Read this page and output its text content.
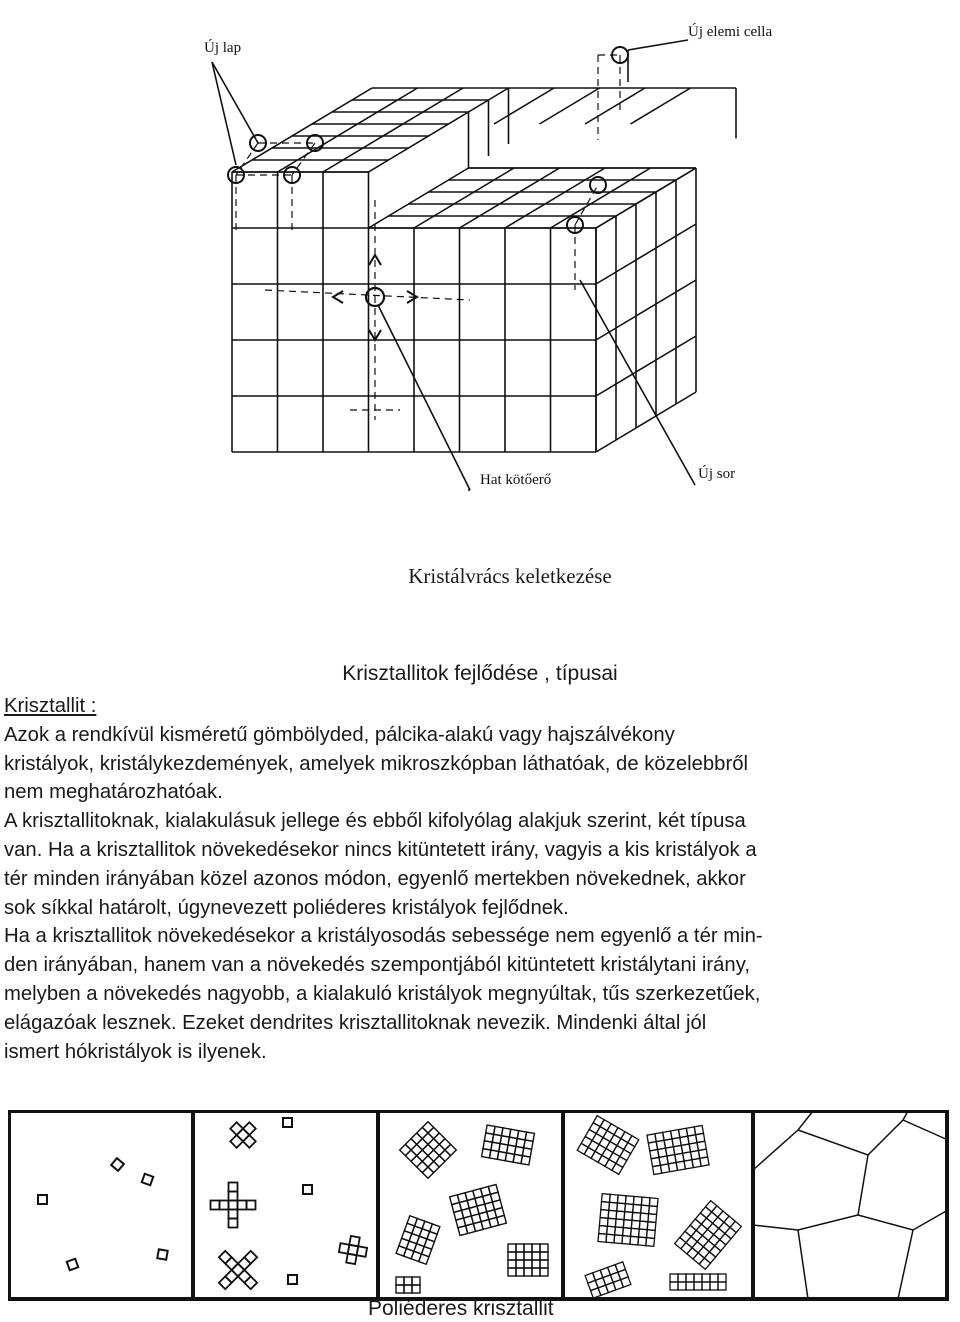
Új lap
Új elemi cella
Hat kötőerő	Új sor
Kristálvrács keletkezése
Krisztallitok fejlődése , típusai
Krisztallit :
Azok a rendkívül kisméretű gömbölyded, pálcika-alakú vagy hajszálvékony
kristályok, kristálykezdemények, amelyek mikroszkópban láthatóak, de közelebbről
nem meghatározhatóak.
A krisztallitoknak, kialakulásuk jellege és ebből kifolyólag alakjuk szerint, két típusa
van. Ha a krisztallitok növekedésekor nincs kitüntetett irány, vagyis a kis kristályok a
tér minden irányában közel azonos módon, egyenlő mertekben növekednek, akkor
sok síkkal határolt, úgynevezett poliéderes kristályok fejlődnek.
Ha a krisztallitok növekedésekor a kristályosodás sebessége nem egyenlő a tér min-
den irányában, hanem van a növekedés szempontjából kitüntetett kristálytani irány,
melyben a növekedés nagyobb, a kialakuló kristályok megnyúltak, tűs szerkezetűek,
elágazóak lesznek. Ezeket dendrites krisztallitoknak nevezik. Mindenki által jól
ismert hókristályok is ilyenek.
Poliéderes krisztallit
